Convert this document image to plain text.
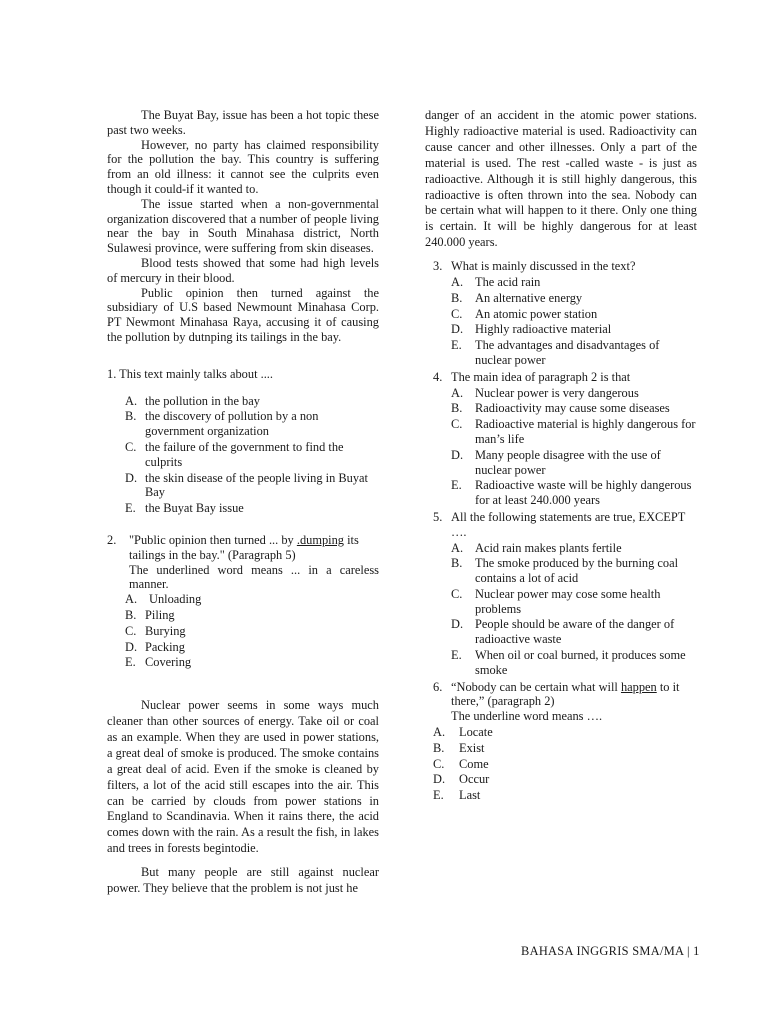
The Buyat Bay, issue has been a hot topic these past two weeks.

However, no party has claimed responsibility for the pollution the bay. This country is suffering from an old illness: it cannot see the culprits even though it could-if it wanted to.

The issue started when a non-governmental organization discovered that a number of people living near the bay in South Minahasa district, North Sulawesi province, were suffering from skin diseases.

Blood tests showed that some had high levels of mercury in their blood.

Public opinion then turned against the subsidiary of U.S based Newmount Minahasa Corp. PT Newmont Minahasa Raya, accusing it of causing the pollution by dutnping its tailings in the bay.

1. This text mainly talks about ....

A. the pollution in the bay
B. the discovery of pollution by a non government organization
C. the failure of the government to find the culprits
D. the skin disease of the people living in Buyat Bay
E. the Buyat Bay issue
2.	"Public opinion then turned ... by .dumping its tailings in the bay." (Paragraph 5)

The underlined word means ... in a careless manner.

A. Unloading
B. Piling
C. Burying
D. Packing
E. Covering

Nuclear power seems in some ways much cleaner than other sources of energy. Take oil or coal as an example. When they are used in power stations, a great deal of smoke is produced. The smoke contains a great deal of acid. Even if the smoke is cleaned by filters, a lot of the acid still escapes into the air. This can be carried by clouds from power stations in England to Scandinavia. When it rains there, the acid comes down with the rain. As a result the fish, in lakes and trees in forests begintodie.

But many people are still against nuclear power. They believe that the problem is not just he

danger of an accident in the atomic power stations. Highly radioactive material is used. Radioactivity can cause cancer and other illnesses. Only a part of the material is used. The rest -called waste - is just as radioactive. Although it is still highly dangerous, this radioactive is often thrown into the sea. Nobody can be certain what will happen to it there. Only one thing is certain. It will be highly dangerous for at least 240.000 years.

3. What is mainly discussed in the text?
A. The acid rain
B.	An alternative energy
C.	An atomic power station
D. Highly radioactive material
E.	The advantages and disadvantages of nuclear power
4. The main idea of paragraph 2 is that
A. Nuclear power is very dangerous
B.	Radioactivity may cause some diseases
C.	Radioactive material is highly dangerous for man’s life
D. Many people disagree with the use of nuclear power
E.	Radioactive waste will be highly dangerous for at least 240.000 years
5. All the following statements are true, EXCEPT ….
A. Acid rain makes plants fertile
B.	The smoke produced by the burning coal contains a lot of acid
C.	Nuclear power may cose some health problems
D. People should be aware of the danger of radioactive waste
E.	When oil or coal burned, it produces some smoke
6. “Nobody can be certain what will happen to it there,” (paragraph 2)

The underline word means ….

A.	Locate
B.	Exist
C.	Come
D.	Occur
E.	Last
BAHASA INGGRIS SMA/MA | 1
